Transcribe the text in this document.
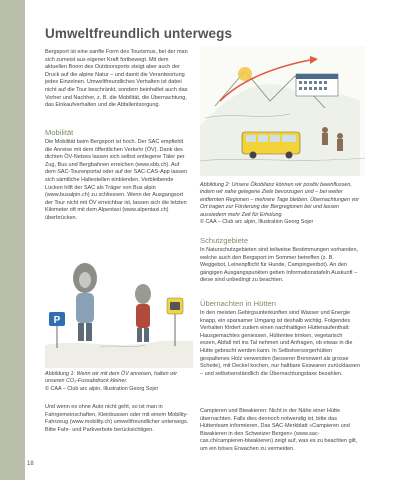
18
Umweltfreundlich unterwegs

Bergsport ist eine sanfte Form des Tourismus, bei der man sich zumeist aus eigener Kraft fortbewegt. Mit dem aktuellen Boom des Outdoorsports steigt aber auch der Druck auf die alpine Natur – und damit die Verantwortung jedes Einzelnen. Umweltfreundliches Verhalten ist dabei nicht auf die Tour beschränkt, sondern beinhaltet auch das Vorher und Nachher, z. B. die Mobilität, die Übernachtung, das Einkaufverhalten und die Abfallentsorgung.

Mobilität

Die Mobilität beim Bergsport ist hoch. Der SAC empfiehlt die Anreise mit dem öffentlichen Verkehr (ÖV). Dank des dichten ÖV-Netzes lassen sich selbst entlegene Täler per Zug, Bus und Bergbahnen erreichen (www.sbb.ch). Auf dem SAC-Tourenportal oder auf der SAC-CAS-App lassen sich sämtliche Haltestellen einblenden. Verbleibende Lücken hilft der SAC als Träger von Bus alpin (www.busalpin.ch) zu schliessen. Wenn der Ausgangsort der Tour nicht mit ÖV erreichbar ist, lassen sich die letzten Kilometer oft mit dem Alpentaxi (www.alpentaxi.ch) überbrücken.

Abbildung 2: Unsere Ökobilanz können wir positiv beeinflussen, indem wir nahe gelegene Ziele bevorzugen und – bei weiter entfernten Regionen – mehrere Tage bleiben. Übernachtungen vor Ort tragen zur Förderung der Bergregionen bei und lassen aussiedern mehr Zeit für Erholung.
© CAA – Club arc alpin, Illustration Georg Sojer

P

Abbildung 1: Wenn wir mit dem ÖV anreisen, halten wir unseren CO₂-Fussabdruck kleiner.
© CAA – Club arc alpin, Illustration Georg Sojer

Und wenn es ohne Auto nicht geht, so ist man in Fahrgemeinschaften, Kleinbussen oder mit einem Mobility-Fahrzeug (www.mobility.ch) umweltfreundlicher unterwegs. Bitte Fahr- und Parkverbote berücksichtigen.

Schutzgebiete

In Naturschutzgebieten sind teilweise Bestimmungen vorhanden, welche auch den Bergsport im Sommer betreffen (z. B. Weggebot, Leinenpflicht für Hunde, Campingverbot). An den gängigen Ausgangspunkten geben Informationstafeln Auskunft – diese sind unbedingt zu beachten.

Übernachten in Hütten

In den meisten Gebirgsunterkünften sind Wasser und Energie knapp, ein sparsamer Umgang ist deshalb wichtig. Folgendes Verhalten fördert zudem einen nachhaltigen Hüttenaufenthalt: Hausgemachtes geniessen, Hüttentee trinken, vegetarisch essen, Abfall mit ins Tal nehmen und Anfragen, ob etwas in die Hütte gebracht werden kann. In Selbstversorgerhütten gespaltenes Holz verwenden (besserer Brennwert als grosse Scheite), mit Deckel kochen, nur haltbare Esswaren zurücklassen – und selbstverständlich die Übernachtungstaxe bezahlen.

Campieren und Biwakieren: Nicht in der Nähe einer Hütte übernachten. Falls dies dennoch notwendig ist, bitte das Hüttenteam informieren. Das SAC-Merkblatt «Campieren und Biwakieren in den Schweizer Bergen» (www.sac-cas.ch/campieren-biwakieren) zeigt auf, was es zu beachten gilt, um ein böses Erwachen zu vermeiden.
